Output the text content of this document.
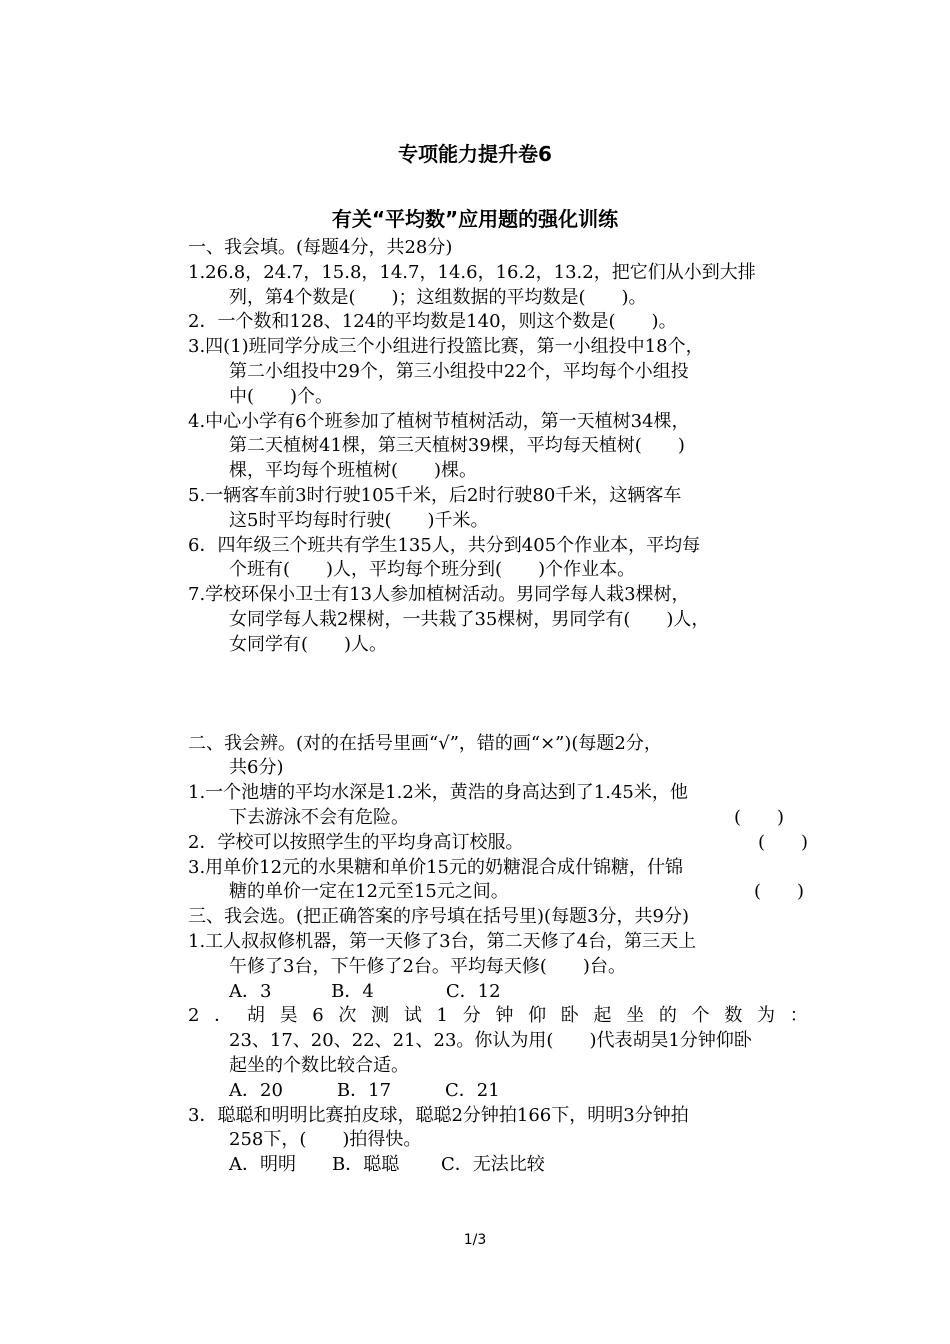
专项能力提升卷6
有关“平均数”应用题的强化训练
一、我会填。(每题4分，共28分)
1.26.8，24.7，15.8，14.7，14.6，16.2，13.2，把它们从小到大排
列，第4个数是(　　)；这组数据的平均数是(　　)。
2．一个数和128、124的平均数是140，则这个数是(　　)。
3.四(1)班同学分成三个小组进行投篮比赛，第一小组投中18个，
第二小组投中29个，第三小组投中22个，平均每个小组投
中(　　)个。
4.中心小学有6个班参加了植树节植树活动，第一天植树34棵，
第二天植树41棵，第三天植树39棵，平均每天植树(　　)
棵，平均每个班植树(　　)棵。
5.一辆客车前3时行驶105千米，后2时行驶80千米，这辆客车
这5时平均每时行驶(　　)千米。
6．四年级三个班共有学生135人，共分到405个作业本，平均每
个班有(　　)人，平均每个班分到(　　)个作业本。
7.学校环保小卫士有13人参加植树活动。男同学每人栽3棵树，
女同学每人栽2棵树，一共栽了35棵树，男同学有(　　)人，
女同学有(　　)人。
二、我会辨。(对的在括号里画“√”，错的画“×”)(每题2分，
共6分)
1.一个池塘的平均水深是1.2米，黄浩的身高达到了1.45米，他
下去游泳不会有危险。	(　　)
2．学校可以按照学生的平均身高订校服。	(　　)
3.用单价12元的水果糖和单价15元的奶糖混合成什锦糖，什锦
糖的单价一定在12元至15元之间。	(　　)
三、我会选。(把正确答案的序号填在括号里)(每题3分，共9分)
1.工人叔叔修机器，第一天修了3台，第二天修了4台，第三天上
午修了3台，下午修了2台。平均每天修(　　)台。
A．3　　　 B．4　　　　C．12
2 ． 胡 昊 6 次 测 试 1 分 钟 仰 卧 起 坐 的 个 数 为 ：
23、17、20、22、21、23。你认为用(　　)代表胡昊1分钟仰卧
起坐的个数比较合适。
A．20　　　B．17　　　C．21
3．聪聪和明明比赛拍皮球，聪聪2分钟拍166下，明明3分钟拍
258下，(　　)拍得快。
A．明明　　B．聪聪　　 C．无法比较
1/3
